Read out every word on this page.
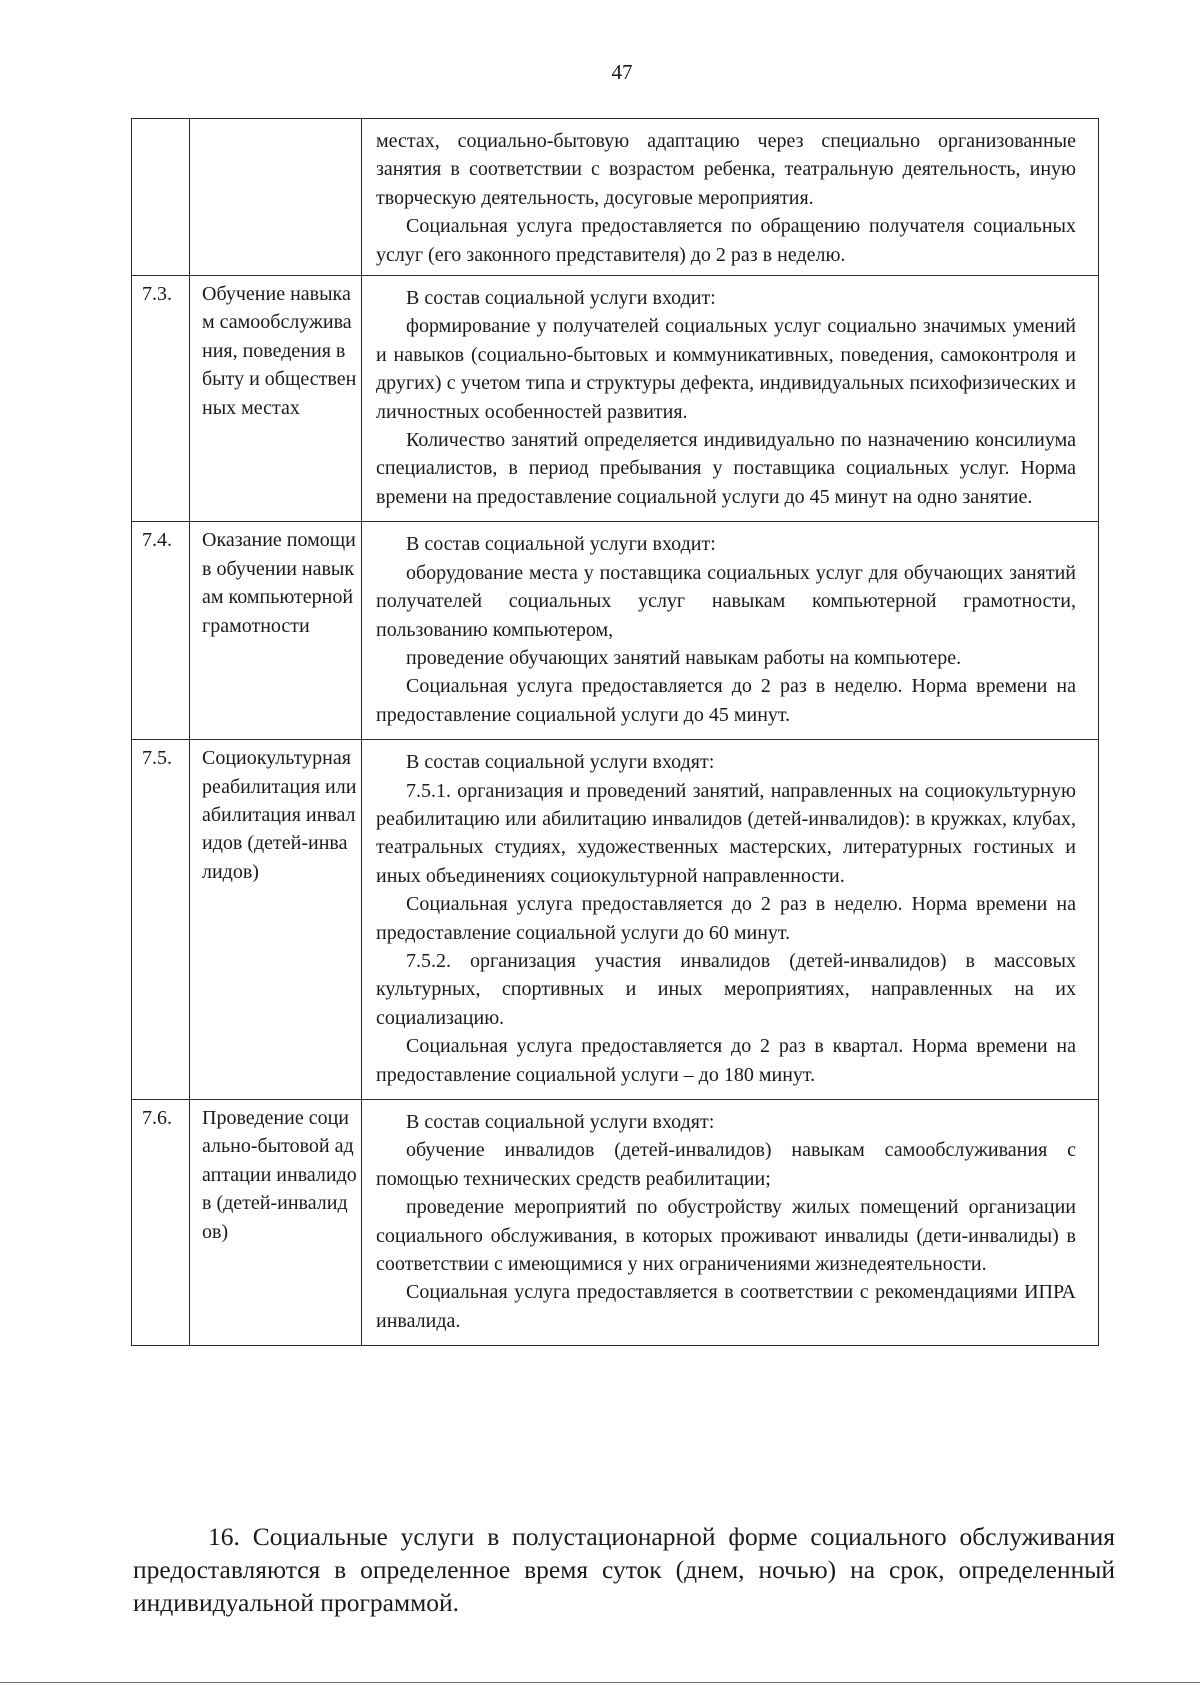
47

		местах, социально-бытовую адаптацию через специально организованные занятия в соответствии с возрастом ребенка, театральную деятельность, иную творческую деятельность, досуговые мероприятия.

Социальная услуга предоставляется по обращению получателя социальных услуг (его законного представителя) до 2 раз в неделю.

7.3.	Обучение навыкам самообслуживания, поведения в быту и общественных местах	В состав социальной услуги входит:

формирование у получателей социальных услуг социально значимых умений и навыков (социально-бытовых и коммуникативных, поведения, самоконтроля и других) с учетом типа и структуры дефекта, индивидуальных психофизических и личностных особенностей развития.

Количество занятий определяется индивидуально по назначению консилиума специалистов, в период пребывания у поставщика социальных услуг. Норма времени на предоставление социальной услуги до 45 минут на одно занятие.

7.4.	Оказание помощи в обучении навыкам компьютерной грамотности	В состав социальной услуги входит:

оборудование места у поставщика социальных услуг для обучающих занятий получателей социальных услуг навыкам компьютерной грамотности, пользованию компьютером,

проведение обучающих занятий навыкам работы на компьютере.

Социальная услуга предоставляется до 2 раз в неделю. Норма времени на предоставление социальной услуги до 45 минут.

7.5.	Социокультурная реабилитация или абилитация инвалидов (детей-инвалидов)	В состав социальной услуги входят:

7.5.1. организация и проведений занятий, направленных на социокультурную реабилитацию или абилитацию инвалидов (детей-инвалидов): в кружках, клубах, театральных студиях, художественных мастерских, литературных гостиных и иных объединениях социокультурной направленности.

Социальная услуга предоставляется до 2 раз в неделю. Норма времени на предоставление социальной услуги до 60 минут.

7.5.2. организация участия инвалидов (детей-инвалидов) в массовых культурных, спортивных и иных мероприятиях, направленных на их социализацию.

Социальная услуга предоставляется до 2 раз в квартал. Норма времени на предоставление социальной услуги – до 180 минут.

7.6.	Проведение социально-бытовой адаптации инвалидов (детей-инвалидов)	В состав социальной услуги входят:

обучение инвалидов (детей-инвалидов) навыкам самообслуживания с помощью технических средств реабилитации;

проведение мероприятий по обустройству жилых помещений организации социального обслуживания, в которых проживают инвалиды (дети-инвалиды) в соответствии с имеющимися у них ограничениями жизнедеятельности.

Социальная услуга предоставляется в соответствии с рекомендациями ИПРА инвалида.

16. Социальные услуги в полустационарной форме социального обслуживания предоставляются в определенное время суток (днем, ночью) на срок, определенный индивидуальной программой.
